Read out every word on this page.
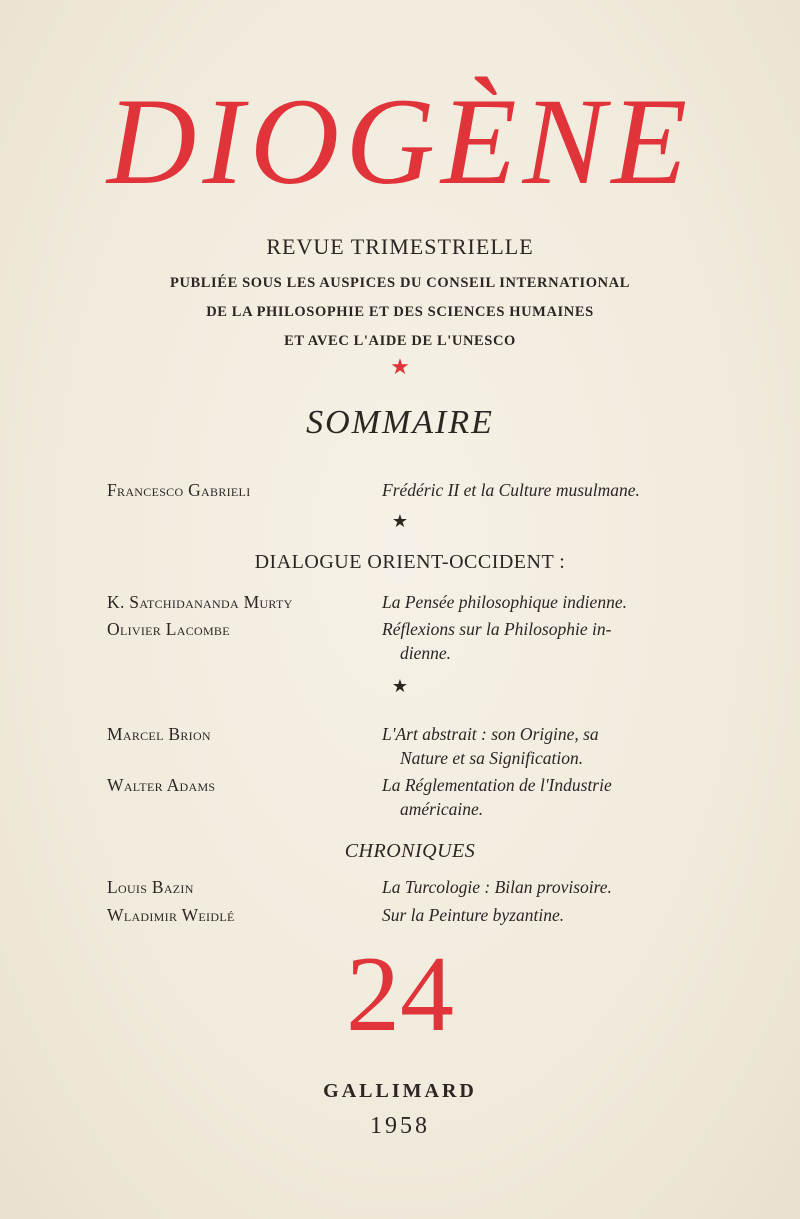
DIOGÈNE
REVUE TRIMESTRIELLE
PUBLIÉE SOUS LES AUSPICES DU CONSEIL INTERNATIONAL
DE LA PHILOSOPHIE ET DES SCIENCES HUMAINES
ET AVEC L'AIDE DE L'UNESCO
★
SOMMAIRE
Francesco Gabrieli	Frédéric II et la Culture musulmane.
★
DIALOGUE ORIENT-OCCIDENT :
K. Satchidananda Murty	La Pensée philosophique indienne.
Olivier Lacombe	Réflexions sur la Philosophie in-
dienne.
★
Marcel Brion	L'Art abstrait : son Origine, sa
Nature et sa Signification.
Walter Adams	La Réglementation de l'Industrie
américaine.
CHRONIQUES
Louis Bazin	La Turcologie : Bilan provisoire.
Wladimir Weidlé	Sur la Peinture byzantine.
24
GALLIMARD
1958
